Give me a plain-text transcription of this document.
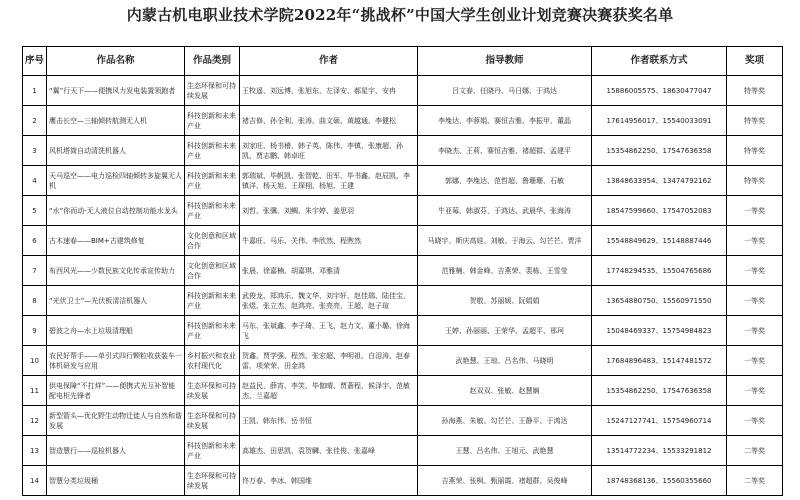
内蒙古机电职业技术学院2022年“挑战杯”中国大学生创业计划竞赛决赛获奖名单
序号	作品名称	作品类别	作者	指导教师	作者联系方式	奖项
1	“翼”行天下——便携风力发电装置领跑者	生态环保和可持续发展	王牧遥、刘远博、张旭东、左泽安、郝星宇、安冉	吕文春、任晓丹、马日娜、于鸿达	15886005575、18630477047	特等奖
2	鹰击长空—三轴倾转航测无人机	科技创新和未来产业	褚吉修、孙全利、张涛、曲文硕、黄越通、李健松	李堍达、李蓉娟、赛恒吉雅、李振甲、董晶	17614956017、15540033091	特等奖
3	风机塔筒自动清洗机器人	科技创新和未来产业	刘家旺、杨书稽、韩子英、陈伟、李镇、张康超、孙凯、贾志鹏、韩卓旺	李晓杰、王莉、赛恒吉雅、褚超群、孟建平	15354862250、17547636358	特等奖
4	天马巡空——电力巡检四轴倾转多旋翼无人机	科技创新和未来产业	郭瑞斌、毕帆凯、张智乾、田军、毕书鑫、赵辰凯、李镇洋、杨天旭、王琛栩、杨旭、王建	郭娜、李堍达、范哲超、鲁珊珊、石敏	13848633954、13474792162	特等奖
5	“水”你而动-无人液位自动控制功能水龙头	科技创新和未来产业	刘哲、张骥、刘鲷、朱宇婷、姜思羽	牛亚莓、韩淑芬、于鸿达、武晨华、张海涛	18547599660、17547052083	一等奖
6	古木速春——BIM+古建筑修复	文化创意和区域合作	牛嘉旺、马乐、关伟、李欣然、程煦然	马晓宇、斯庆高娃、刘敏、于海云、勾芒芒、贾洋	15548849629、15148887446	一等奖
7	布西风光——少数民族文化传承宣传助力	文化创意和区域合作	张晨、徐嘉楠、胡嘉琪、邓雅清	范雅楠、韩金峰、吉燕荣、裴栋、王雪莹	17748294535、15504765686	一等奖
8	“光伏卫士”—光伏板清洁机器人	科技创新和未来产业	武俊龙、郑鸿乐、魏文华、刘宇轩、赵佳瑞、陆佳宝、张煜、张立杰、赵鸿亮、张亮亮、王超、赵子瑄	贺敬、苏丽媛、阮娟娟	13654880750、15560971550	一等奖
9	碧波之舟—水上垃圾清理船	科技创新和未来产业	马东、张斌鑫、李子琦、王飞、赵力文、董小璐、徐海飞	王婷、孙丽丽、王荣华、孟超平、邢珂	15048469337、15754984823	一等奖
10	农民好帮手——单引式四行颗粒收获装车一体机研发与应用	乡村振兴和农业农村现代化	贺鑫、贾学强、程然、张宏超、李明祖、白泪涛、赵春雷、项荣荣、田金鸿	武艳慧、王琼、吕名伟、马晓明	17684896483、15147481572	一等奖
11	供电保障“不打烊”——便携式光互补智能配电柜先锋者	生态环保和可持续发展	赵益民、薛宵、李笑、毕伽晴、贾蒼程、候泽宇、范敏杰、兰嘉超	赵双双、张敏、赵慧娴	15354862250、17547636358	一等奖
12	新型箭头—优化野生动物迁徙人与自然和谐发展	生态环保和可持续发展	王凯、韩东伟、岳书恒	孙海燕、朱敏、勾芒芒、王静平、于鸿达	15247127741、15754960714	一等奖
13	智造慧行——巡检机器人	科技创新和未来产业	高雄杰、田思凯、袁贺麟、张佳俊、张嘉峰	王慧、吕名伟、王旭元、武艳慧	13514772234、15533291812	二等奖
14	智慧分类垃圾桶	生态环保和可持续发展	佟万春、李冰、韩国维	吉燕荣、张枫、甄丽霞、褚超群、吴俊峰	18748368136、15560355660	二等奖
